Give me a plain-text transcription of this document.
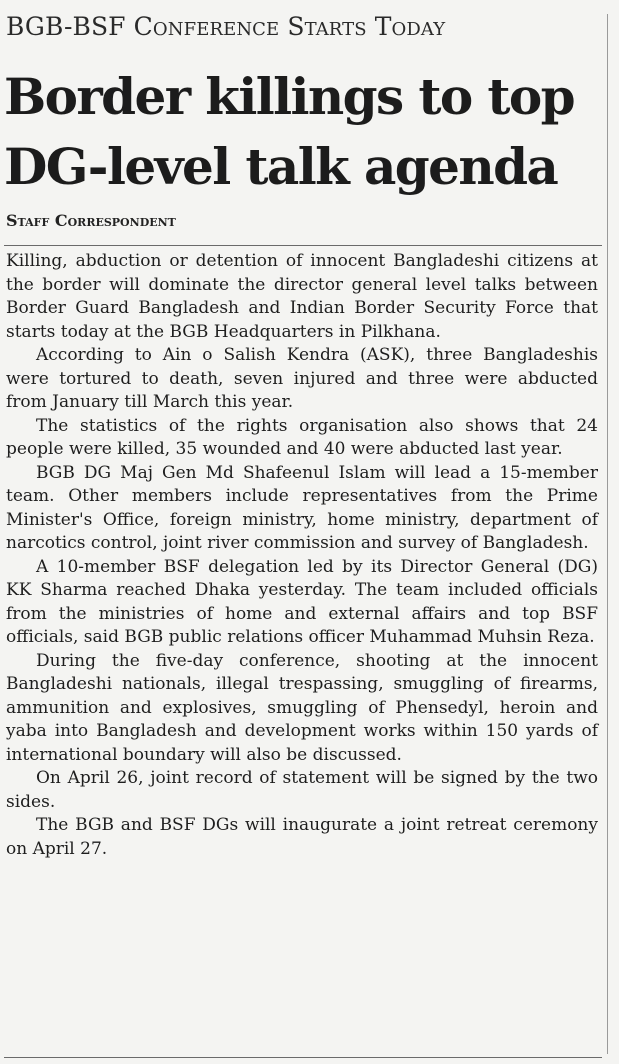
BGB-BSF Conference Starts Today
Border killings to top
DG-level talk agenda
Staff Correspondent

Killing, abduction or detention of innocent Bangladeshi citizens at the border will dominate the director general level talks between Border Guard Bangladesh and Indian Border Security Force that starts today at the BGB Headquarters in Pilkhana.

According to Ain o Salish Kendra (ASK), three Bangladeshis were tortured to death, seven injured and three were abducted from January till March this year.

The statistics of the rights organisation also shows that 24 people were killed, 35 wounded and 40 were abducted last year.

BGB DG Maj Gen Md Shafeenul Islam will lead a 15-member team. Other members include representatives from the Prime Minister's Office, foreign ministry, home ministry, department of narcotics control, joint river commission and survey of Bangladesh.

A 10-member BSF delegation led by its Director General (DG) KK Sharma reached Dhaka yesterday. The team included officials from the ministries of home and external affairs and top BSF officials, said BGB public relations officer Muhammad Muhsin Reza.

During the five-day conference, shooting at the innocent Bangladeshi nationals, illegal trespassing, smuggling of firearms, ammunition and explosives, smuggling of Phensedyl, heroin and yaba into Bangladesh and development works within 150 yards of international boundary will also be discussed.

On April 26, joint record of statement will be signed by the two sides.

The BGB and BSF DGs will inaugurate a joint retreat ceremony on April 27.
